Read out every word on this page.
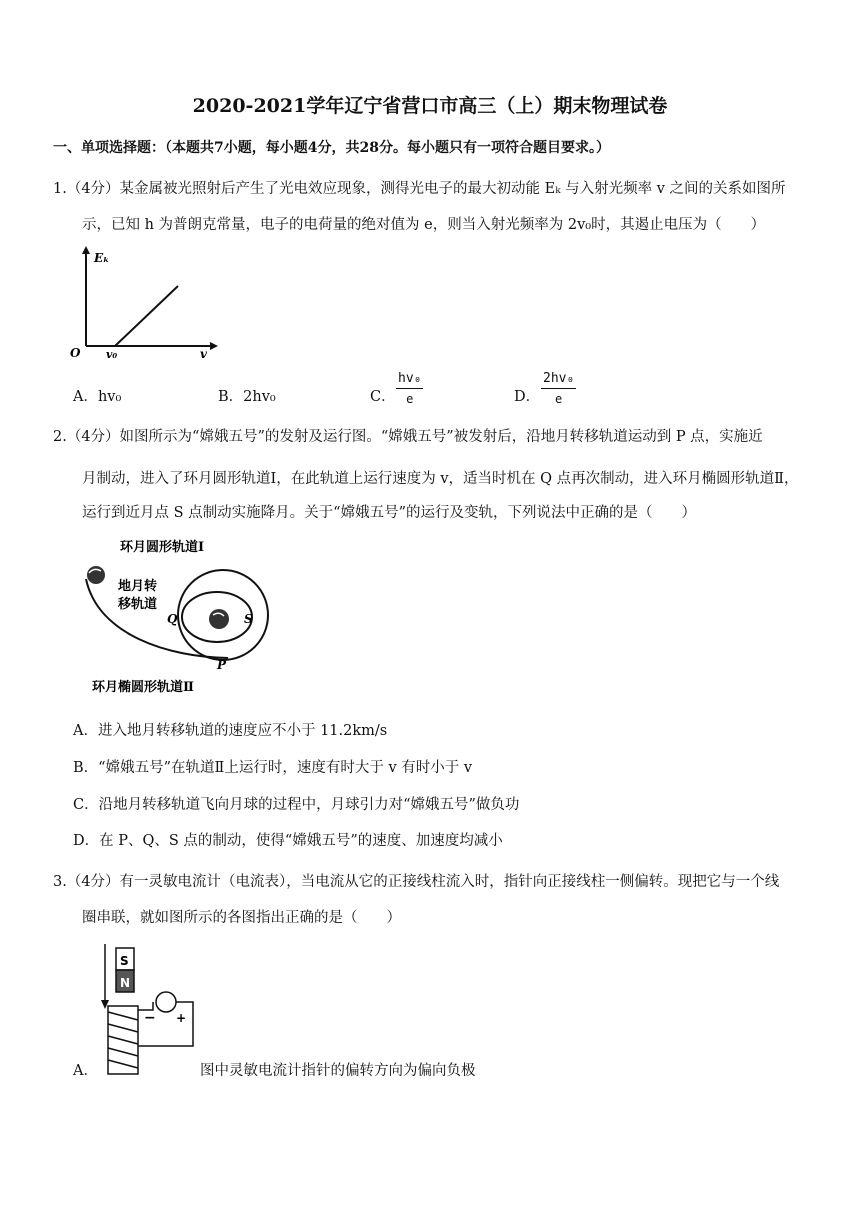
2020-2021学年辽宁省营口市高三（上）期末物理试卷
一、单项选择题：（本题共7小题，每小题4分，共28分。每小题只有一项符合题目要求。）
1.（4分）某金属被光照射后产生了光电效应现象，测得光电子的最大初动能 Eₖ 与入射光频率 v 之间的关系如图所
示，已知 h 为普朗克常量，电子的电荷量的绝对值为 e，则当入射光频率为 2v₀时，其遏止电压为（　　）
Eₖ
O v₀	v
A．hv₀	B．2hv₀	C． $\frac{\text{hv₀}}{e}$	D． $\frac{\text{2hv₀}}{e}$
2.（4分）如图所示为“嫦娥五号”的发射及运行图。“嫦娥五号”被发射后，沿地月转移轨道运动到 P 点，实施近
月制动，进入了环月圆形轨道Ⅰ，在此轨道上运行速度为 v，适当时机在 Q 点再次制动，进入环月椭圆形轨道Ⅱ，
运行到近月点 S 点制动实施降月。关于“嫦娥五号”的运行及变轨，下列说法中正确的是（　　）
环月圆形轨道Ⅰ
地月转
移轨道
Q	S
P
环月椭圆形轨道Ⅱ
A．进入地月转移轨道的速度应不小于 11.2km/s
B．“嫦娥五号”在轨道Ⅱ上运行时，速度有时大于 v 有时小于 v
C．沿地月转移轨道飞向月球的过程中，月球引力对“嫦娥五号”做负功
D．在 P、Q、S 点的制动，使得“嫦娥五号”的速度、加速度均减小
3.（4分）有一灵敏电流计（电流表），当电流从它的正接线柱流入时，指针向正接线柱一侧偏转。现把它与一个线
圈串联，就如图所示的各图指出正确的是（　　）
A．
S
N
− +
图中灵敏电流计指针的偏转方向为偏向负极
